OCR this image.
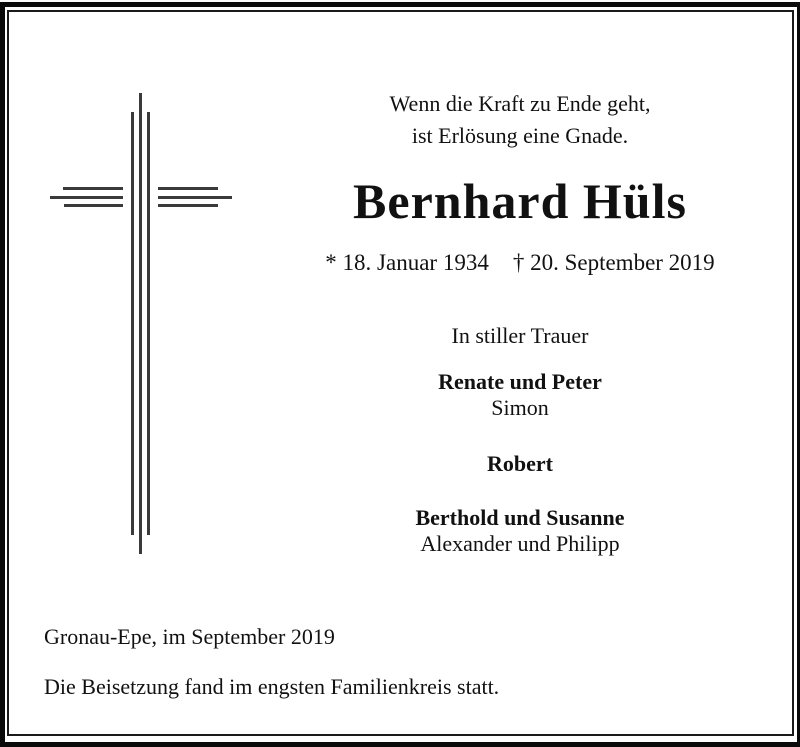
Wenn die Kraft zu Ende geht,
ist Erlösung eine Gnade.
Bernhard Hüls
* 18. Januar 1934 † 20. September 2019
In stiller Trauer
Renate und Peter
Simon
Robert
Berthold und Susanne
Alexander und Philipp
Gronau-Epe, im September 2019
Die Beisetzung fand im engsten Familienkreis statt.
